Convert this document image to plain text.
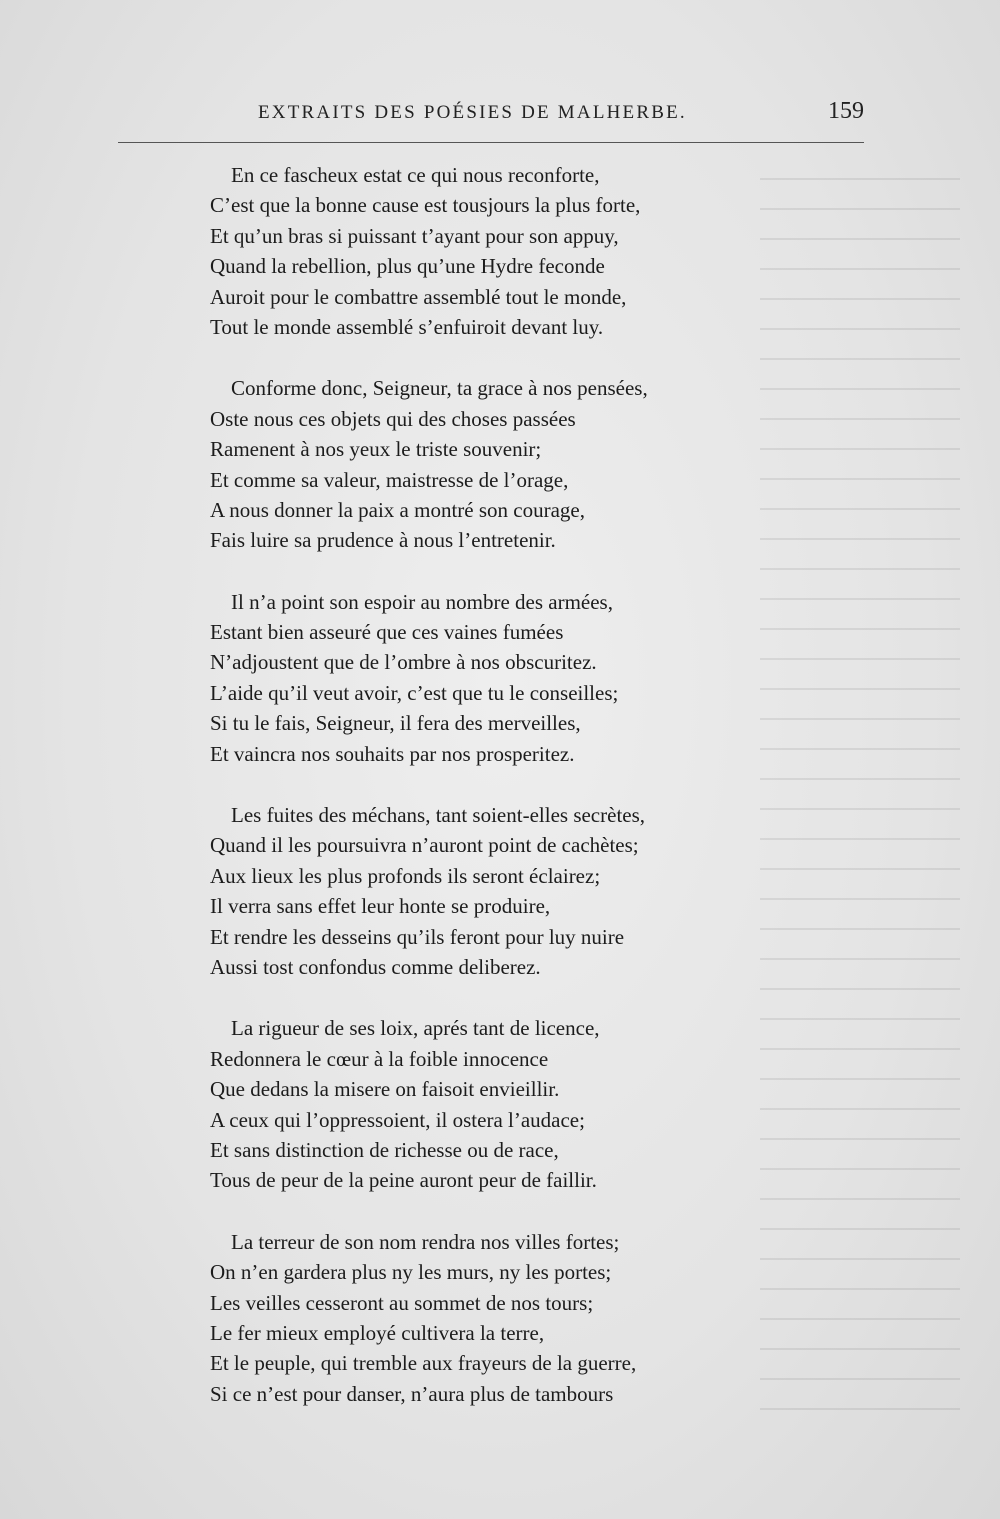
EXTRAITS DES POÉSIES DE MALHERBE.	159
En ce fascheux estat ce qui nous reconforte,
C’est que la bonne cause est tousjours la plus forte,
Et qu’un bras si puissant t’ayant pour son appuy,
Quand la rebellion, plus qu’une Hydre feconde
Auroit pour le combattre assemblé tout le monde,
Tout le monde assemblé s’enfuiroit devant luy.
Conforme donc, Seigneur, ta grace à nos pensées,
Oste nous ces objets qui des choses passées
Ramenent à nos yeux le triste souvenir;
Et comme sa valeur, maistresse de l’orage,
A nous donner la paix a montré son courage,
Fais luire sa prudence à nous l’entretenir.
Il n’a point son espoir au nombre des armées,
Estant bien asseuré que ces vaines fumées
N’adjoustent que de l’ombre à nos obscuritez.
L’aide qu’il veut avoir, c’est que tu le conseilles;
Si tu le fais, Seigneur, il fera des merveilles,
Et vaincra nos souhaits par nos prosperitez.
Les fuites des méchans, tant soient-elles secrètes,
Quand il les poursuivra n’auront point de cachètes;
Aux lieux les plus profonds ils seront éclairez;
Il verra sans effet leur honte se produire,
Et rendre les desseins qu’ils feront pour luy nuire
Aussi tost confondus comme deliberez.
La rigueur de ses loix, aprés tant de licence,
Redonnera le cœur à la foible innocence
Que dedans la misere on faisoit envieillir.
A ceux qui l’oppressoient, il ostera l’audace;
Et sans distinction de richesse ou de race,
Tous de peur de la peine auront peur de faillir.
La terreur de son nom rendra nos villes fortes;
On n’en gardera plus ny les murs, ny les portes;
Les veilles cesseront au sommet de nos tours;
Le fer mieux employé cultivera la terre,
Et le peuple, qui tremble aux frayeurs de la guerre,
Si ce n’est pour danser, n’aura plus de tambours
